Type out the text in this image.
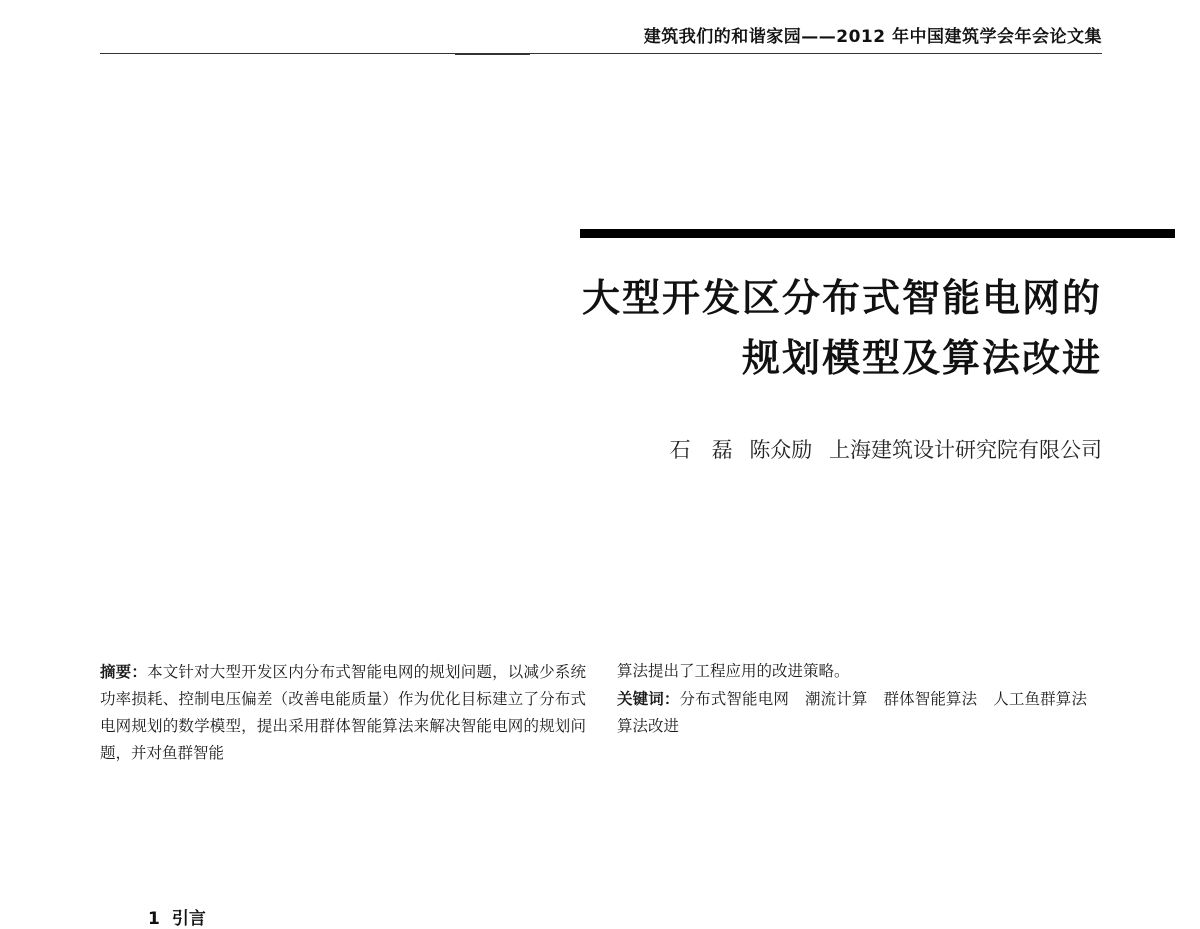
建筑我们的和谐家园——2012 年中国建筑学会年会论文集
大型开发区分布式智能电网的
规划模型及算法改进
石　磊 陈众励 上海建筑设计研究院有限公司
摘要：本文针对大型开发区内分布式智能电网的规划问题，以减少系统功率损耗、控制电压偏差（改善电能质量）作为优化目标建立了分布式电网规划的数学模型，提出采用群体智能算法来解决智能电网的规划问题，并对鱼群智能
算法提出了工程应用的改进策略。
关键词：分布式智能电网 潮流计算 群体智能算法 人工鱼群算法算法改进
1 引言
